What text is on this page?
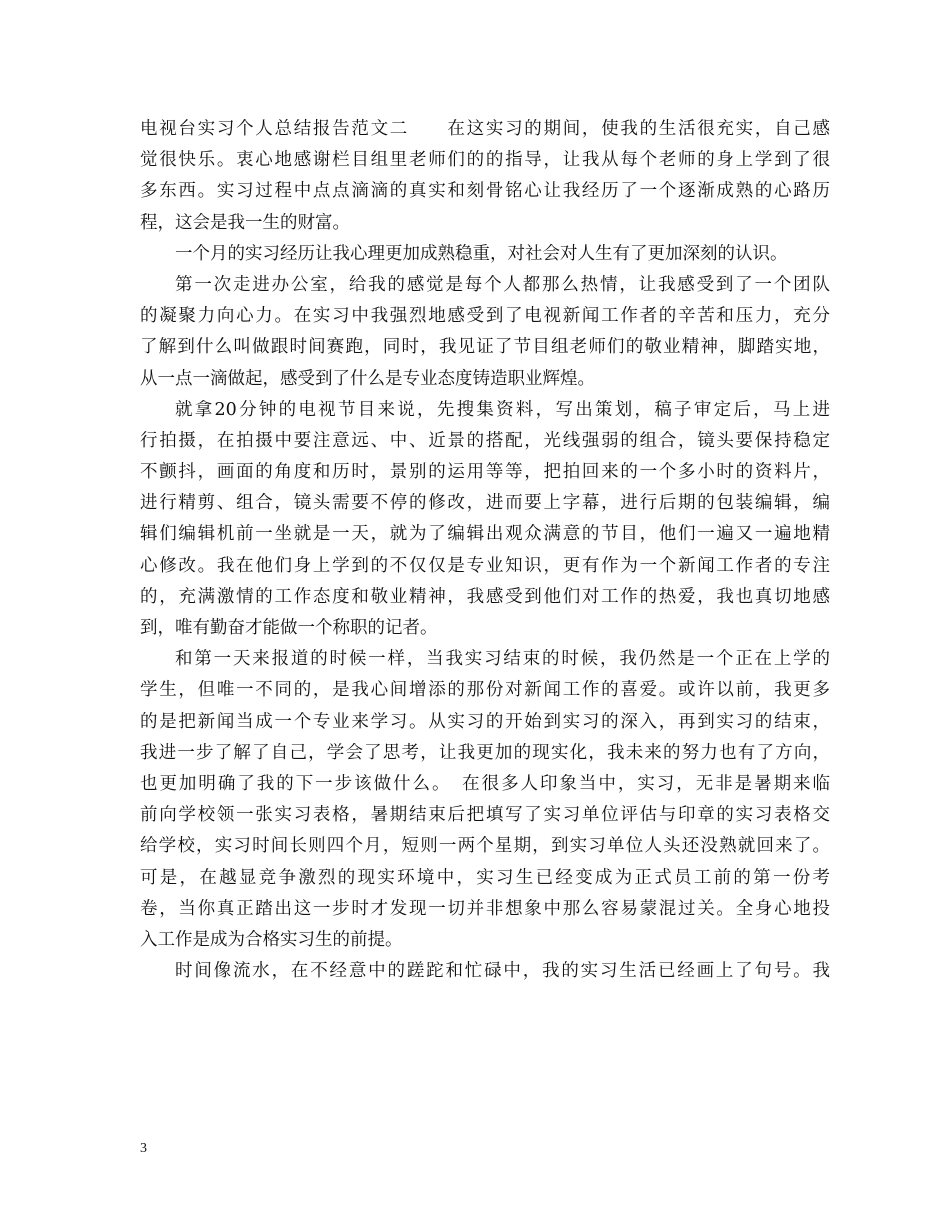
电视台实习个人总结报告范文二　　在这实习的期间，使我的生活很充实，自己感
觉很快乐。衷心地感谢栏目组里老师们的的指导，让我从每个老师的身上学到了很
多东西。实习过程中点点滴滴的真实和刻骨铭心让我经历了一个逐渐成熟的心路历
程，这会是我一生的财富。
一个月的实习经历让我心理更加成熟稳重，对社会对人生有了更加深刻的认识。
第一次走进办公室，给我的感觉是每个人都那么热情，让我感受到了一个团队
的凝聚力向心力。在实习中我强烈地感受到了电视新闻工作者的辛苦和压力，充分
了解到什么叫做跟时间赛跑，同时，我见证了节目组老师们的敬业精神，脚踏实地，
从一点一滴做起，感受到了什么是专业态度铸造职业辉煌。
就拿20分钟的电视节目来说，先搜集资料，写出策划，稿子审定后，马上进
行拍摄，在拍摄中要注意远、中、近景的搭配，光线强弱的组合，镜头要保持稳定
不颤抖，画面的角度和历时，景别的运用等等，把拍回来的一个多小时的资料片，
进行精剪、组合，镜头需要不停的修改，进而要上字幕，进行后期的包装编辑，编
辑们编辑机前一坐就是一天，就为了编辑出观众满意的节目，他们一遍又一遍地精
心修改。我在他们身上学到的不仅仅是专业知识，更有作为一个新闻工作者的专注
的，充满激情的工作态度和敬业精神，我感受到他们对工作的热爱，我也真切地感
到，唯有勤奋才能做一个称职的记者。
和第一天来报道的时候一样，当我实习结束的时候，我仍然是一个正在上学的
学生，但唯一不同的，是我心间增添的那份对新闻工作的喜爱。或许以前，我更多
的是把新闻当成一个专业来学习。从实习的开始到实习的深入，再到实习的结束，
我进一步了解了自己，学会了思考，让我更加的现实化，我未来的努力也有了方向，
也更加明确了我的下一步该做什么。　在很多人印象当中，实习，无非是暑期来临
前向学校领一张实习表格，暑期结束后把填写了实习单位评估与印章的实习表格交
给学校，实习时间长则四个月，短则一两个星期，到实习单位人头还没熟就回来了。
可是，在越显竞争激烈的现实环境中，实习生已经变成为正式员工前的第一份考
卷，当你真正踏出这一步时才发现一切并非想象中那么容易蒙混过关。全身心地投
入工作是成为合格实习生的前提。
时间像流水，在不经意中的蹉跎和忙碌中，我的实习生活已经画上了句号。我
3
